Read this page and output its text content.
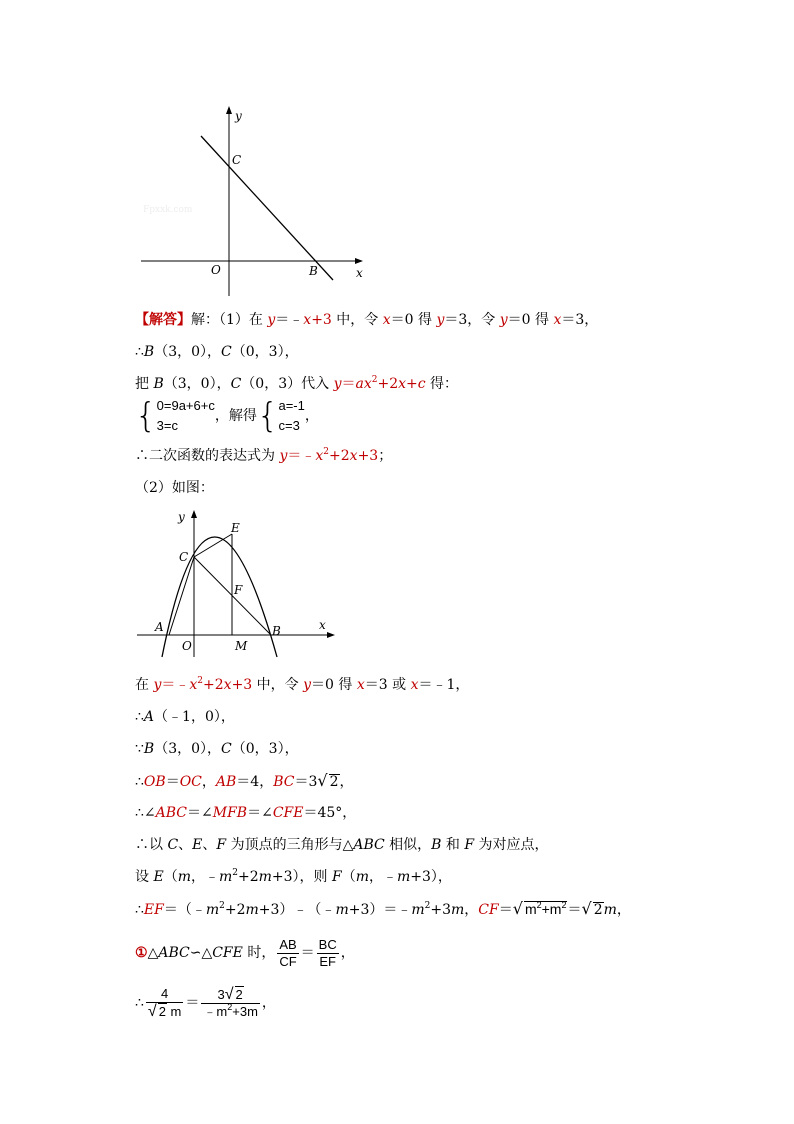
y
C
O	B	x
Fpxxk.com
【解答】解：（1）在 y＝﹣x+3 中，令 x＝0 得 y＝3，令 y＝0 得 x＝3，
∴B（3，0），C（0，3），
把 B（3，0），C（0，3）代入 $y=ax^2+2x+c$ 得：
{ 0=9a+6+c
3=c
，解得{ a=-1
c=3
，
∴二次函数的表达式为 $y=﹣x^2+2x+3$；
（2）如图：
y
E
C
F
A
O	M
B	x
在 $y=﹣x^2+2x+3$ 中，令 y＝0 得 x＝3 或 x＝﹣1，
∴A（﹣1，0），
∵B（3，0），C（0，3），
∴OB＝OC，AB＝4，BC＝3√ 2，
∴∠ABC＝∠MFB＝∠CFE＝45°，
∴以 C、E、F 为顶点的三角形与△ABC 相似，B 和 F 为对应点，
设 E（m，$﹣m^2+2m+3$），则 F（m，﹣m+3），
$\therefore EF=(﹣m^2+2m+3)﹣(﹣m+3)=﹣m^2+3m$，CF＝√ $m^2+m^2=√$ 2m，
①△ABC∽△CFE 时， $\frac{AB}{CF} = \frac{BC}{EF}$ ，
∴ $\frac{4}{√ 2 m} = \frac{3√ 2}{﹣m^2+3m}$ ，
